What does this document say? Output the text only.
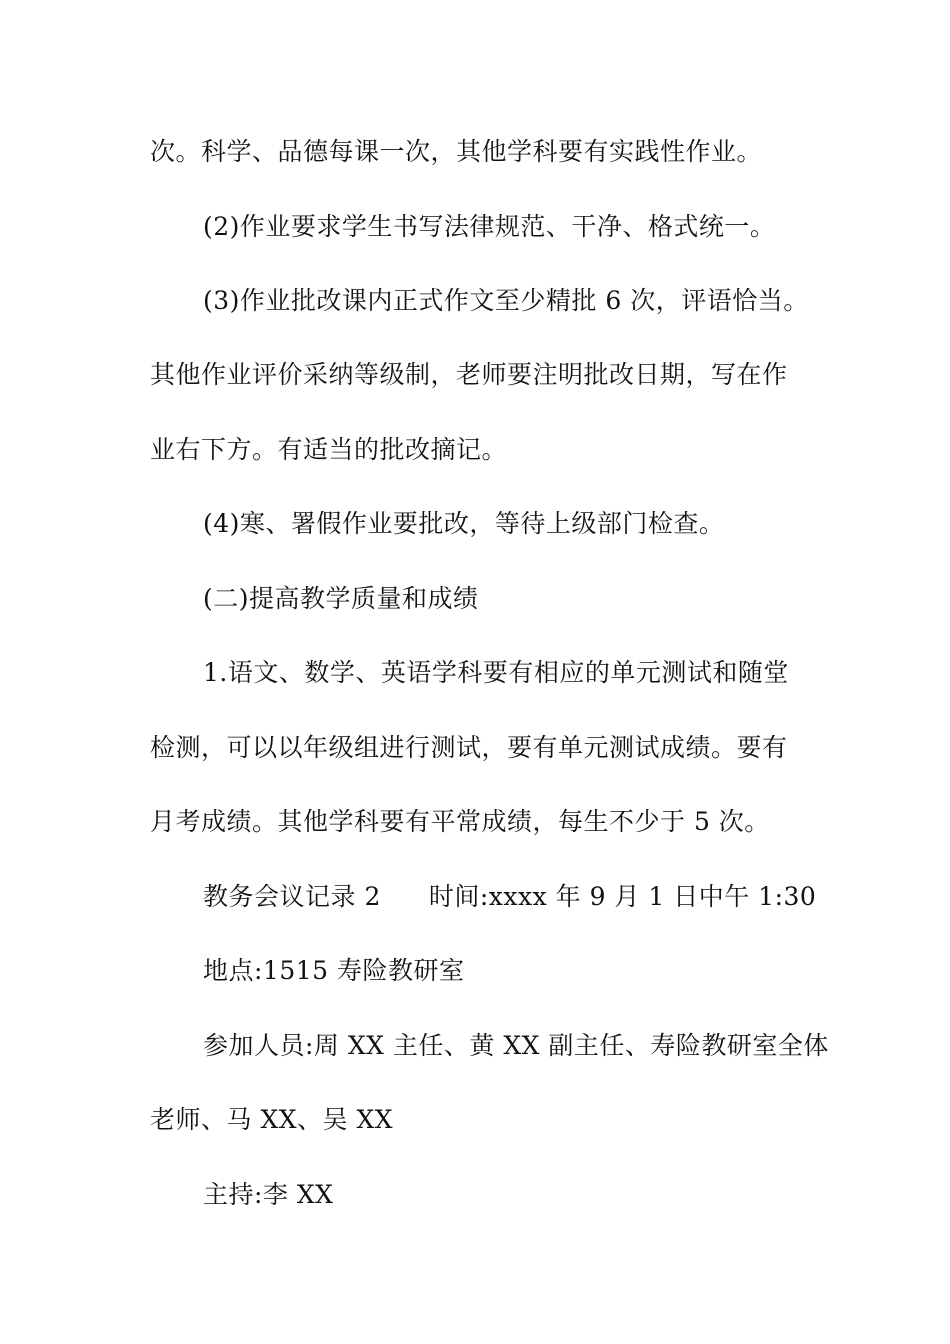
次。科学、品德每课一次，其他学科要有实践性作业。
(2)作业要求学生书写法律规范、干净、格式统一。
(3)作业批改课内正式作文至少精批 6 次，评语恰当。
其他作业评价采纳等级制，老师要注明批改日期，写在作
业右下方。有适当的批改摘记。
(4)寒、署假作业要批改，等待上级部门检查。
(二)提高教学质量和成绩
1.语文、数学、英语学科要有相应的单元测试和随堂
检测，可以以年级组进行测试，要有单元测试成绩。要有
月考成绩。其他学科要有平常成绩，每生不少于 5 次。
教务会议记录 2 时间:xxxx 年 9 月 1 日中午 1:30
地点:1515 寿险教研室
参加人员:周 XX 主任、黄 XX 副主任、寿险教研室全体
老师、马 XX、吴 XX
主持:李 XX
